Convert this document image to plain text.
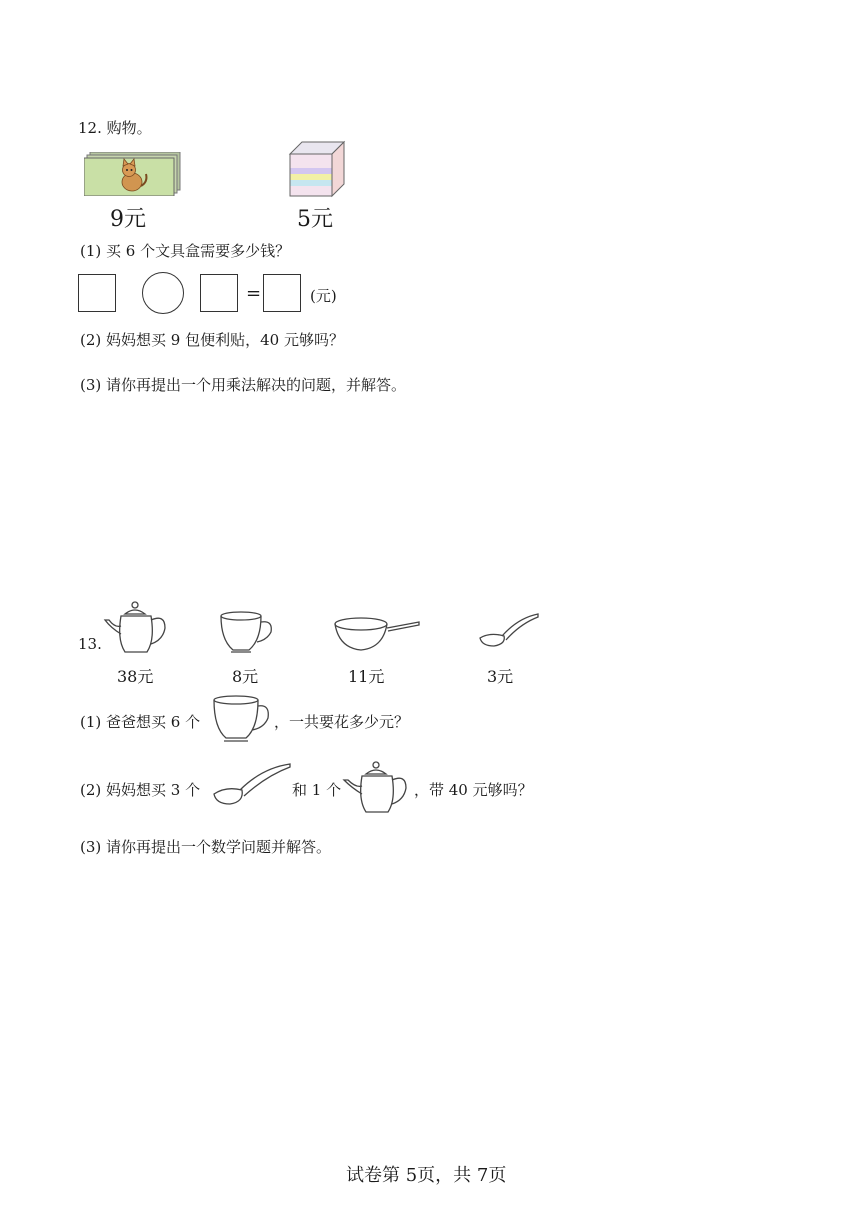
12. 购物。
9元	5元
(1) 买 6 个文具盒需要多少钱？
=	(元)
(2) 妈妈想买 9 包便利贴，40 元够吗？
(3) 请你再提出一个用乘法解决的问题，并解答。
13.
38元	8元	11元	3元
(1) 爸爸想买 6 个	，一共要花多少元？
(2) 妈妈想买 3 个	和 1 个	，带 40 元够吗？
(3) 请你再提出一个数学问题并解答。
试卷第 5页，共 7页
